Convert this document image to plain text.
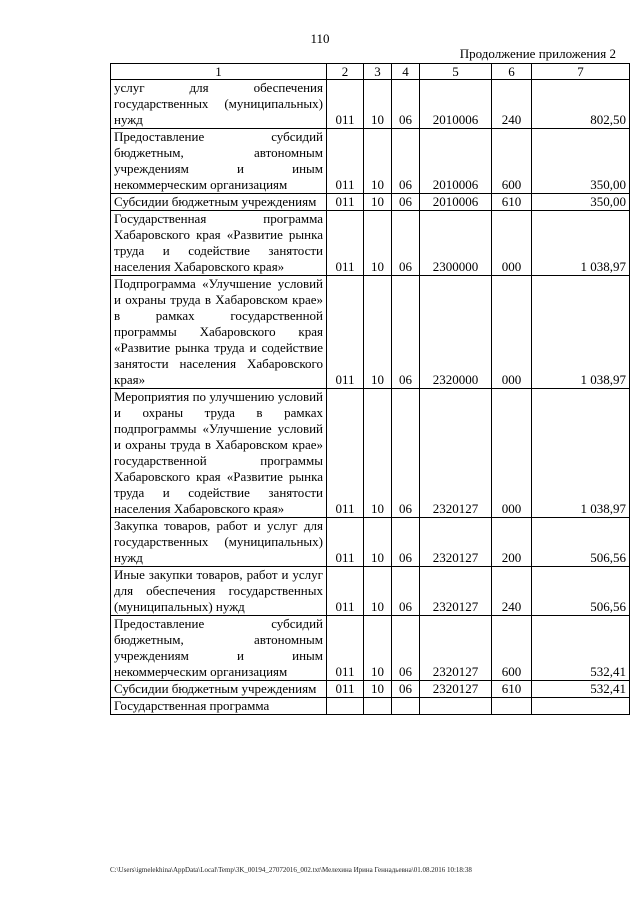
110
Продолжение приложения 2
1	2	3	4	5	6	7
услуг для обеспечения государственных (муниципальных) нужд	011	10	06	2010006	240	802,50
Предоставление субсидий бюджетным, автономным учреждениям и иным некоммерческим организациям	011	10	06	2010006	600	350,00
Субсидии бюджетным учреждениям	011	10	06	2010006	610	350,00
Государственная программа Хабаровского края «Развитие рынка труда и содействие занятости населения Хабаровского края»	011	10	06	2300000	000	1 038,97
Подпрограмма «Улучшение условий и охраны труда в Хабаровском крае» в рамках государственной программы Хабаровского края «Развитие рынка труда и содействие занятости населения Хабаровского края»	011	10	06	2320000	000	1 038,97
Мероприятия по улучшению условий и охраны труда в рамках подпрограммы «Улучшение условий и охраны труда в Хабаровском крае» государственной программы Хабаровского края «Развитие рынка труда и содействие занятости населения Хабаровского края»	011	10	06	2320127	000	1 038,97
Закупка товаров, работ и услуг для государственных (муниципальных) нужд	011	10	06	2320127	200	506,56
Иные закупки товаров, работ и услуг для обеспечения государственных (муниципальных) нужд	011	10	06	2320127	240	506,56
Предоставление субсидий бюджетным, автономным учреждениям и иным некоммерческим организациям	011	10	06	2320127	600	532,41
Субсидии бюджетным учреждениям	011	10	06	2320127	610	532,41
Государственная программа						
C:\Users\igmelekhina\AppData\Local\Temp\3K_00194_27072016_002.txt\Мелехина Ирина Геннадьевна\01.08.2016 10:18:38
